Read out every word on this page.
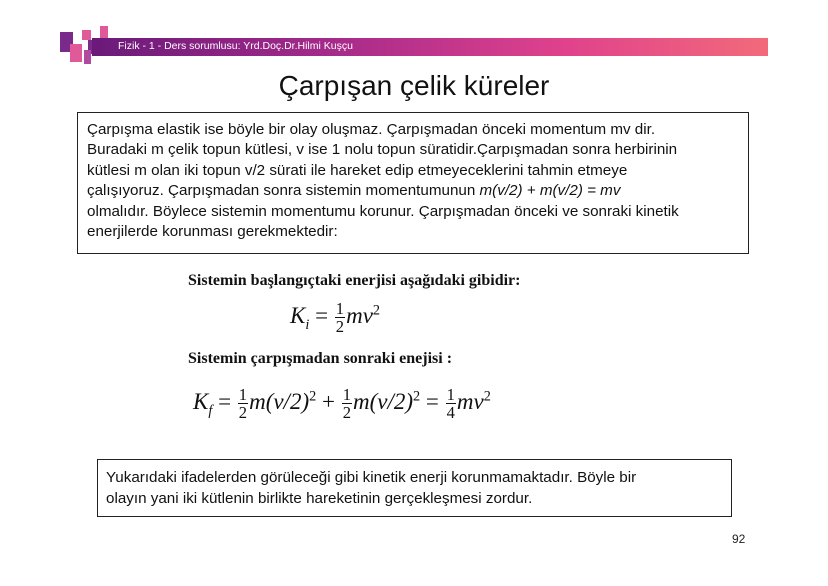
Fizik - 1 - Ders sorumlusu: Yrd.Doç.Dr.Hilmi Kuşçu
Çarpışan çelik küreler
Çarpışma elastik ise böyle bir olay oluşmaz. Çarpışmadan önceki momentum mv dir.
Buradaki m çelik topun kütlesi, v ise 1 nolu topun süratidir.Çarpışmadan sonra herbirinin
kütlesi m olan iki topun v/2 sürati ile hareket edip etmeyeceklerini tahmin etmeye
çalışıyoruz. Çarpışmadan sonra sistemin momentumunun m(v/2) + m(v/2) = mv
olmalıdır. Böylece sistemin momentumu korunur. Çarpışmadan önceki ve sonraki kinetik
enerjilerde korunması gerekmektedir:
Sistemin başlangıçtaki enerjisi aşağıdaki gibidir:
$K_i = \frac{1}{2} mv^2$
Sistemin çarpışmadan sonraki enejisi :
$K_f = \frac{1}{2} m(v/2)^2 + \frac{1}{2} m(v/2)^2 = \frac{1}{4} mv^2$
Yukarıdaki ifadelerden görüleceği gibi kinetik enerji korunmamaktadır. Böyle bir
olayın yani iki kütlenin birlikte hareketinin gerçekleşmesi zordur.
92
